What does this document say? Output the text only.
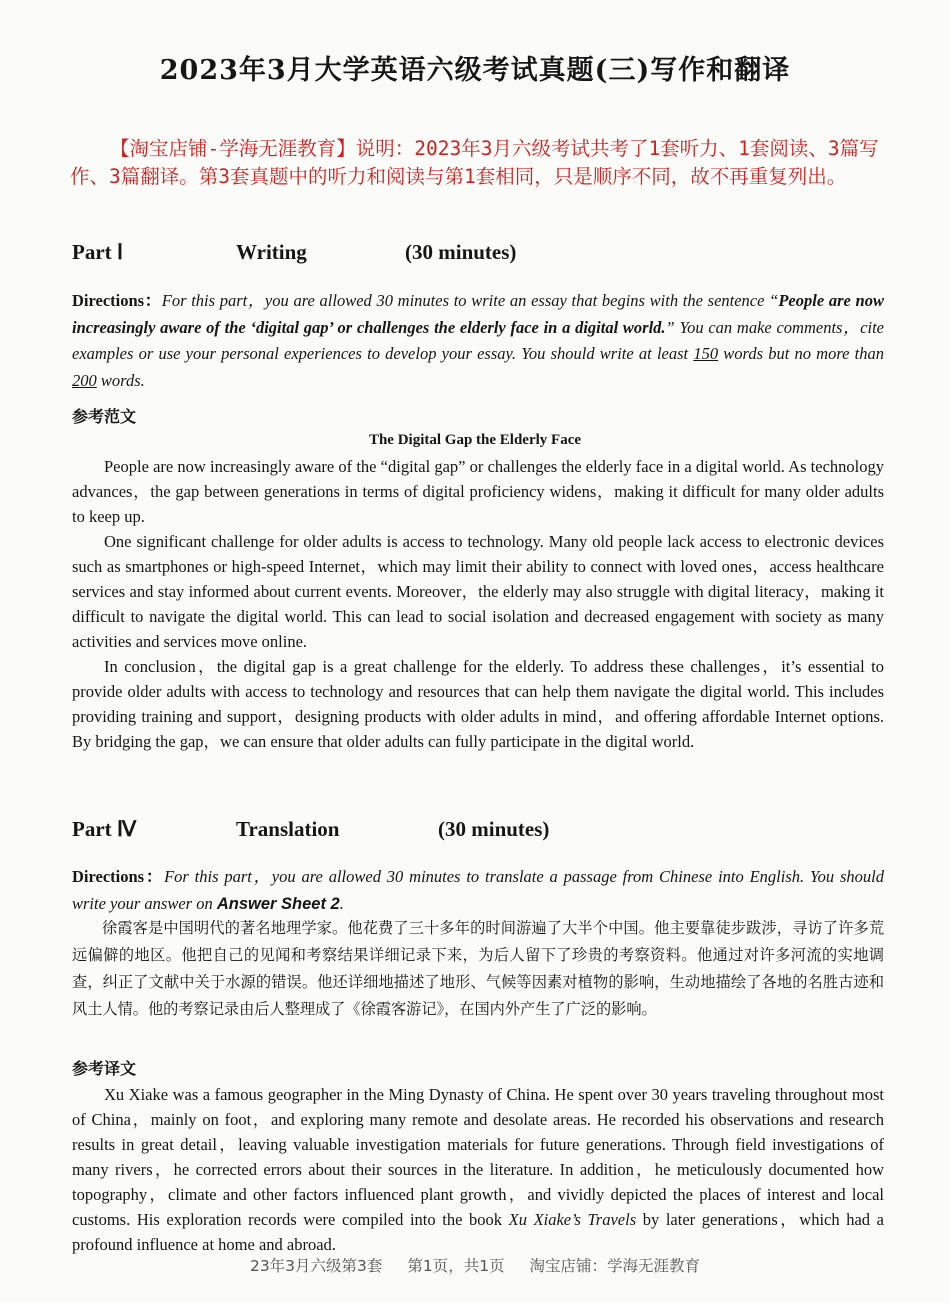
2023年3月大学英语六级考试真题(三)写作和翻译
【淘宝店铺-学海无涯教育】说明：2023年3月六级考试共考了1套听力、1套阅读、3篇写作、3篇翻译。第3套真题中的听力和阅读与第1套相同，只是顺序不同，故不再重复列出。
Part Ⅰ	Writing	(30 minutes)
Directions：For this part，you are allowed 30 minutes to write an essay that begins with the sentence “People are now increasingly aware of the ‘digital gap’ or challenges the elderly face in a digital world.” You can make comments，cite examples or use your personal experiences to develop your essay. You should write at least 150 words but no more than 200 words.
参考范文
The Digital Gap the Elderly Face

People are now increasingly aware of the “digital gap” or challenges the elderly face in a digital world. As technology advances，the gap between generations in terms of digital proficiency widens，making it difficult for many older adults to keep up.

One significant challenge for older adults is access to technology. Many old people lack access to electronic devices such as smartphones or high-speed Internet，which may limit their ability to connect with loved ones，access healthcare services and stay informed about current events. Moreover，the elderly may also struggle with digital literacy，making it difficult to navigate the digital world. This can lead to social isolation and decreased engagement with society as many activities and services move online.

In conclusion，the digital gap is a great challenge for the elderly. To address these challenges，it’s essential to provide older adults with access to technology and resources that can help them navigate the digital world. This includes providing training and support，designing products with older adults in mind，and offering affordable Internet options. By bridging the gap，we can ensure that older adults can fully participate in the digital world.

Part Ⅳ	Translation	(30 minutes)
Directions：For this part，you are allowed 30 minutes to translate a passage from Chinese into English. You should write your answer on Answer Sheet 2.
徐霞客是中国明代的著名地理学家。他花费了三十多年的时间游遍了大半个中国。他主要靠徒步跋涉，寻访了许多荒远偏僻的地区。他把自己的见闻和考察结果详细记录下来，为后人留下了珍贵的考察资料。他通过对许多河流的实地调查，纠正了文献中关于水源的错误。他还详细地描述了地形、气候等因素对植物的影响，生动地描绘了各地的名胜古迹和风土人情。他的考察记录由后人整理成了《徐霞客游记》，在国内外产生了广泛的影响。
参考译文

Xu Xiake was a famous geographer in the Ming Dynasty of China. He spent over 30 years traveling throughout most of China，mainly on foot，and exploring many remote and desolate areas. He recorded his observations and research results in great detail，leaving valuable investigation materials for future generations. Through field investigations of many rivers，he corrected errors about their sources in the literature. In addition，he meticulously documented how topography，climate and other factors influenced plant growth，and vividly depicted the places of interest and local customs. His exploration records were compiled into the book Xu Xiake’s Travels by later generations，which had a profound influence at home and abroad.

23年3月六级第3套 第1页，共1页 淘宝店铺：学海无涯教育
